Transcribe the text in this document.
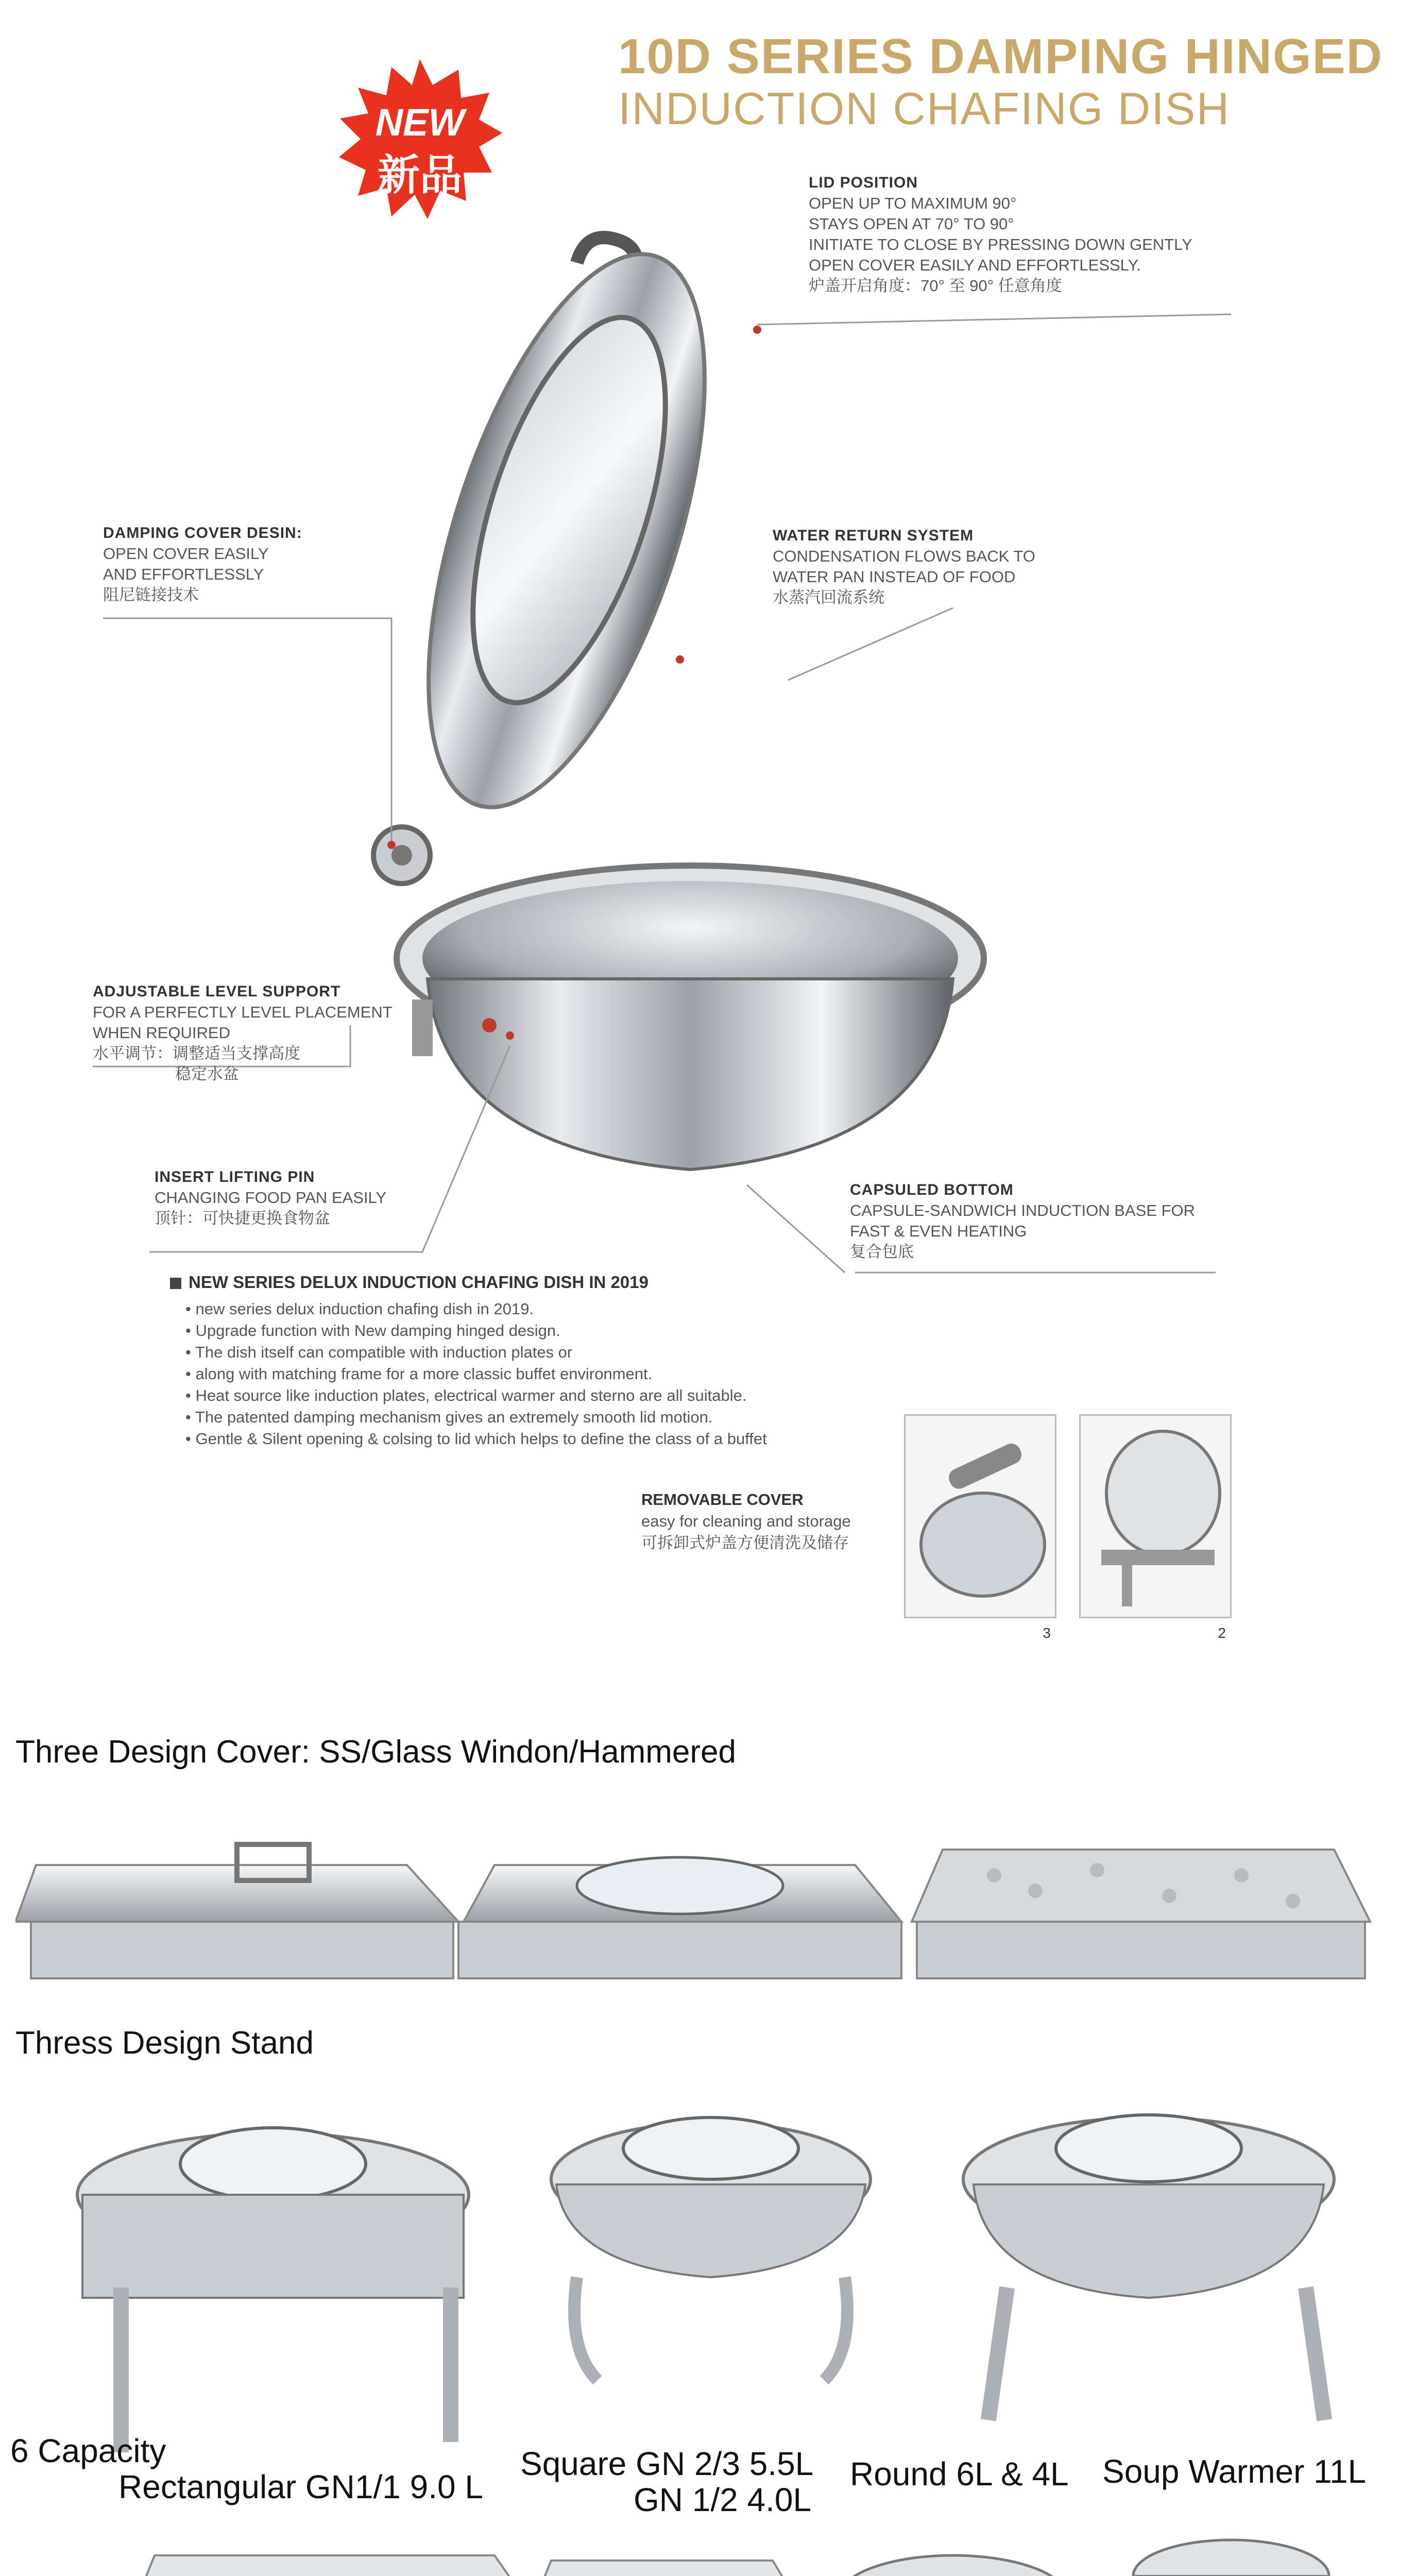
10D SERIES DAMPING HINGED
INDUCTION CHAFING DISH
NEW
新品	LID POSITION
OPEN UP TO MAXIMUM 90°
STAYS OPEN AT 70° TO 90°
INITIATE TO CLOSE BY PRESSING DOWN GENTLY
OPEN COVER EASILY AND EFFORTLESSLY.
炉盖开启角度：70° 至 90° 任意角度
DAMPING COVER DESIN:
OPEN COVER EASILY
AND EFFORTLESSLY
阻尼链接技术
WATER RETURN SYSTEM
CONDENSATION FLOWS BACK TO
WATER PAN INSTEAD OF FOOD
水蒸汽回流系统
ADJUSTABLE LEVEL SUPPORT
FOR A PERFECTLY LEVEL PLACEMENT
WHEN REQUIRED
水平调节：调整适当支撑高度
稳定水盆
INSERT LIFTING PIN
CHANGING FOOD PAN EASILY
顶针：可快捷更换食物盆
CAPSULED BOTTOM
CAPSULE-SANDWICH INDUCTION BASE FOR
FAST & EVEN HEATING
复合包底
NEW SERIES DELUX INDUCTION CHAFING DISH IN 2019
• new series delux induction chafing dish in 2019.
• Upgrade function with New damping hinged design.
• The dish itself can compatible with induction plates or
• along with matching frame for a more classic buffet environment.
• Heat source like induction plates, electrical warmer and sterno are all suitable.
• The patented damping mechanism gives an extremely smooth lid motion.
• Gentle & Silent opening & colsing to lid which helps to define the class of a buffet
REMOVABLE COVER
easy for cleaning and storage
可拆卸式炉盖方便清洗及储存
3	2
Three Design Cover: SS/Glass Windon/Hammered
Thress Design Stand
6 Capacity
Rectangular GN1/1 9.0 L
Square GN 2/3 5.5L
GN 1/2 4.0L
Round 6L & 4L Soup Warmer 11L
